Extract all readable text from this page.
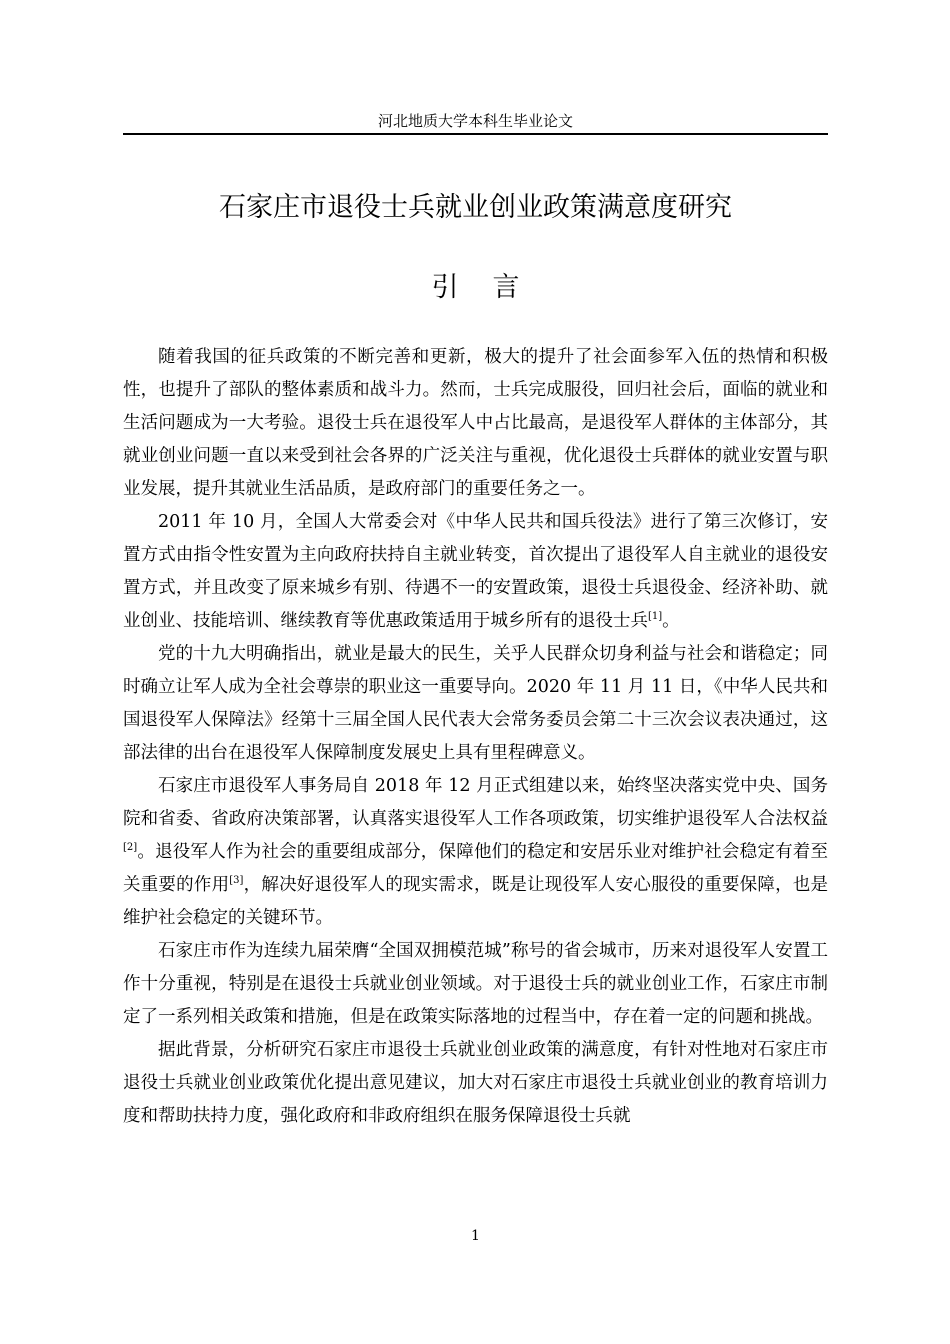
河北地质大学本科生毕业论文
石家庄市退役士兵就业创业政策满意度研究
引言

随着我国的征兵政策的不断完善和更新，极大的提升了社会面参军入伍的热情和积极性，也提升了部队的整体素质和战斗力。然而，士兵完成服役，回归社会后，面临的就业和生活问题成为一大考验。退役士兵在退役军人中占比最高，是退役军人群体的主体部分，其就业创业问题一直以来受到社会各界的广泛关注与重视，优化退役士兵群体的就业安置与职业发展，提升其就业生活品质，是政府部门的重要任务之一。

2011 年 10 月，全国人大常委会对《中华人民共和国兵役法》进行了第三次修订，安置方式由指令性安置为主向政府扶持自主就业转变，首次提出了退役军人自主就业的退役安置方式，并且改变了原来城乡有别、待遇不一的安置政策，退役士兵退役金、经济补助、就业创业、技能培训、继续教育等优惠政策适用于城乡所有的退役士兵[1]。

党的十九大明确指出，就业是最大的民生，关乎人民群众切身利益与社会和谐稳定；同时确立让军人成为全社会尊崇的职业这一重要导向。2020 年 11 月 11 日，《中华人民共和国退役军人保障法》经第十三届全国人民代表大会常务委员会第二十三次会议表决通过，这部法律的出台在退役军人保障制度发展史上具有里程碑意义。

石家庄市退役军人事务局自 2018 年 12 月正式组建以来，始终坚决落实党中央、国务院和省委、省政府决策部署，认真落实退役军人工作各项政策，切实维护退役军人合法权益[2]。退役军人作为社会的重要组成部分，保障他们的稳定和安居乐业对维护社会稳定有着至关重要的作用[3]，解决好退役军人的现实需求，既是让现役军人安心服役的重要保障，也是维护社会稳定的关键环节。

石家庄市作为连续九届荣膺“全国双拥模范城”称号的省会城市，历来对退役军人安置工作十分重视，特别是在退役士兵就业创业领域。对于退役士兵的就业创业工作，石家庄市制定了一系列相关政策和措施，但是在政策实际落地的过程当中，存在着一定的问题和挑战。

据此背景，分析研究石家庄市退役士兵就业创业政策的满意度，有针对性地对石家庄市退役士兵就业创业政策优化提出意见建议，加大对石家庄市退役士兵就业创业的教育培训力度和帮助扶持力度，强化政府和非政府组织在服务保障退役士兵就

1
